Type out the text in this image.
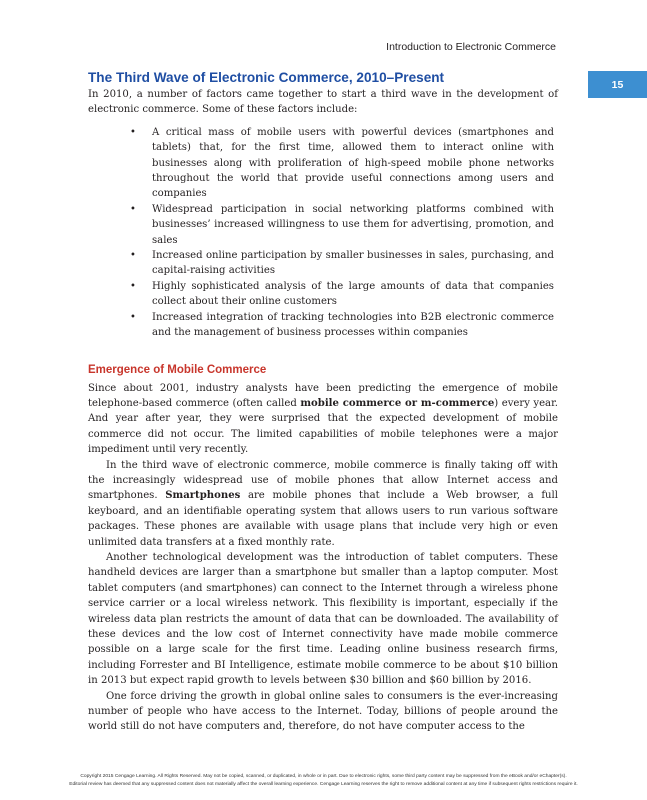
Introduction to Electronic Commerce
15
The Third Wave of Electronic Commerce, 2010–Present

In 2010, a number of factors came together to start a third wave in the development of electronic commerce. Some of these factors include:

• A critical mass of mobile users with powerful devices (smartphones and tablets) that, for the first time, allowed them to interact online with businesses along with proliferation of high-speed mobile phone networks throughout the world that provide useful connections among users and companies
• Widespread participation in social networking platforms combined with businesses’ increased willingness to use them for advertising, promotion, and sales
• Increased online participation by smaller businesses in sales, purchasing, and capital-raising activities
• Highly sophisticated analysis of the large amounts of data that companies collect about their online customers
• Increased integration of tracking technologies into B2B electronic commerce and the management of business processes within companies
Emergence of Mobile Commerce

Since about 2001, industry analysts have been predicting the emergence of mobile telephone-based commerce (often called mobile commerce or m-commerce) every year. And year after year, they were surprised that the expected development of mobile commerce did not occur. The limited capabilities of mobile telephones were a major impediment until very recently.

In the third wave of electronic commerce, mobile commerce is finally taking off with the increasingly widespread use of mobile phones that allow Internet access and smartphones. Smartphones are mobile phones that include a Web browser, a full keyboard, and an identifiable operating system that allows users to run various software packages. These phones are available with usage plans that include very high or even unlimited data transfers at a fixed monthly rate.

Another technological development was the introduction of tablet computers. These handheld devices are larger than a smartphone but smaller than a laptop computer. Most tablet computers (and smartphones) can connect to the Internet through a wireless phone service carrier or a local wireless network. This flexibility is important, especially if the wireless data plan restricts the amount of data that can be downloaded. The availability of these devices and the low cost of Internet connectivity have made mobile commerce possible on a large scale for the first time. Leading online business research firms, including Forrester and BI Intelligence, estimate mobile commerce to be about $10 billion in 2013 but expect rapid growth to levels between $30 billion and $60 billion by 2016.

One force driving the growth in global online sales to consumers is the ever-increasing number of people who have access to the Internet. Today, billions of people around the world still do not have computers and, therefore, do not have computer access to the

Copyright 2015 Cengage Learning. All Rights Reserved. May not be copied, scanned, or duplicated, in whole or in part. Due to electronic rights, some third party content may be suppressed from the eBook and/or eChapter(s).
Editorial review has deemed that any suppressed content does not materially affect the overall learning experience. Cengage Learning reserves the right to remove additional content at any time if subsequent rights restrictions require it.
